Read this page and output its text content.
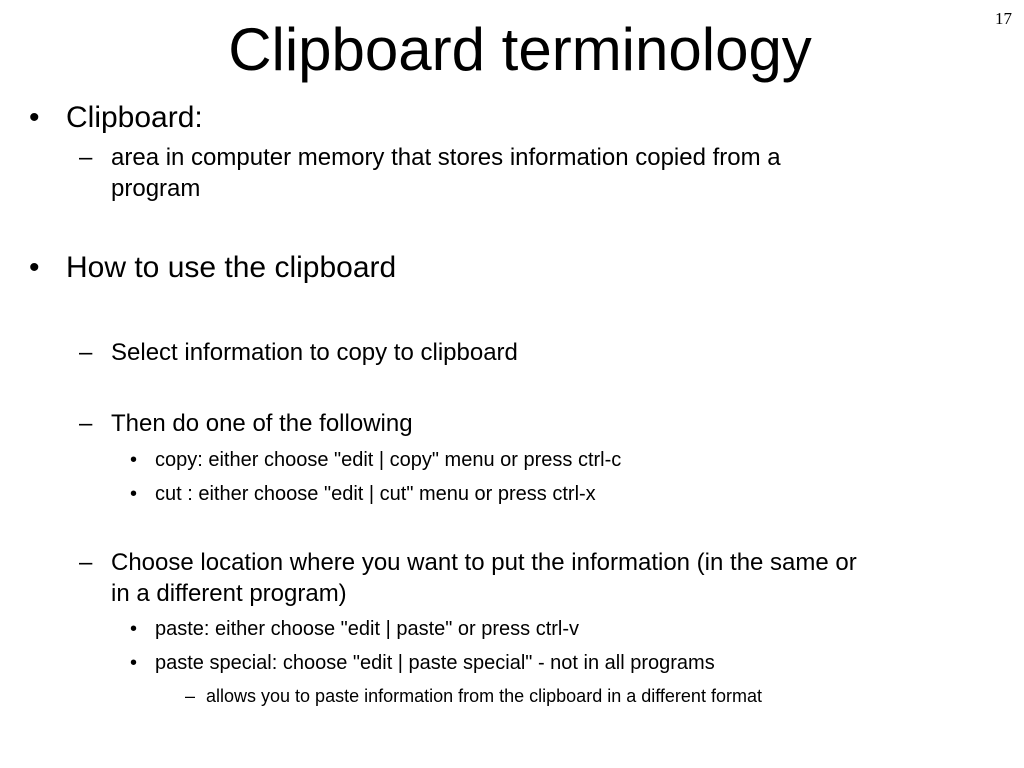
17
Clipboard terminology
• Clipboard:
– area in computer memory that stores information copied from a
program
• How to use the clipboard
– Select information to copy to clipboard
– Then do one of the following
• copy: either choose "edit | copy" menu or press ctrl-c
• cut : either choose "edit | cut" menu or press ctrl-x
– Choose location where you want to put the information (in the same or
in a different program)
• paste: either choose "edit | paste" or press ctrl-v
• paste special: choose "edit | paste special" - not in all programs
– allows you to paste information from the clipboard in a different format
